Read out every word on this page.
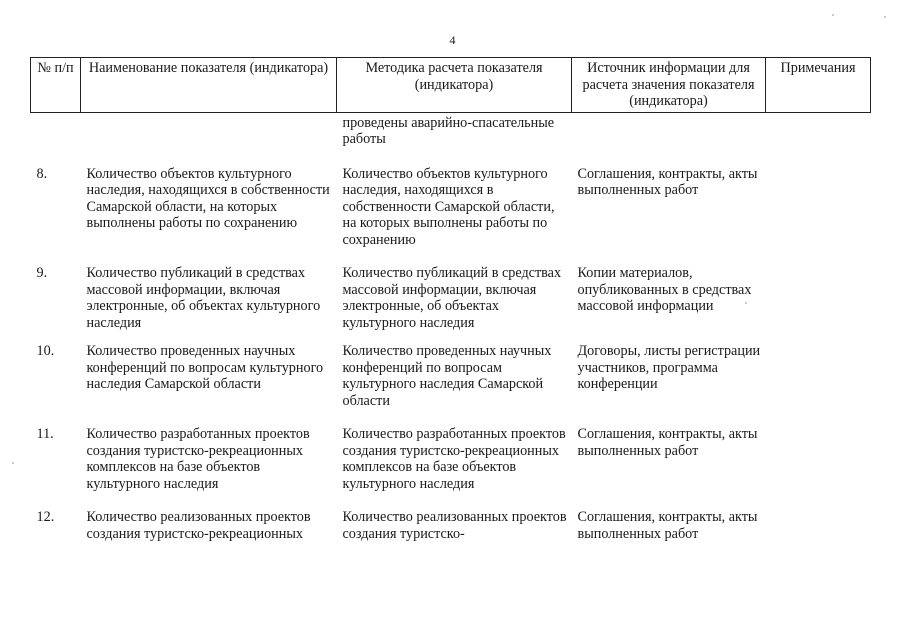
4
№ п/п	Наименование показателя (индикатора)	Методика расчета показателя (индикатора)	Источник информации для расчета значения показателя (индикатора)	Примечания
		проведены аварийно-спасательные работы		
8.	Количество объектов культурного наследия, находящихся в собственности Самарской области, на которых выполнены работы по сохранению	Количество объектов культурного наследия, находящихся в собственности Самарской области, на которых выполнены работы по сохранению	Соглашения, контракты, акты выполненных работ	
9.	Количество публикаций в средствах массовой информации, включая электронные, об объектах культурного наследия	Количество публикаций в средствах массовой информации, включая электронные, об объектах культурного наследия	Копии материалов, опубликованных в средствах массовой информации	
10.	Количество проведенных научных конференций по вопросам культурного наследия Самарской области	Количество проведенных научных конференций по вопросам культурного наследия Самарской области	Договоры, листы регистрации участников, программа конференции	
11.	Количество разработанных проектов создания туристско-рекреационных комплексов на базе объектов культурного наследия	Количество разработанных проектов создания туристско-рекреационных комплексов на базе объектов культурного наследия	Соглашения, контракты, акты выполненных работ	
12.	Количество реализованных проектов создания туристско-рекреационных	Количество реализованных проектов создания туристско-	Соглашения, контракты, акты выполненных работ	
